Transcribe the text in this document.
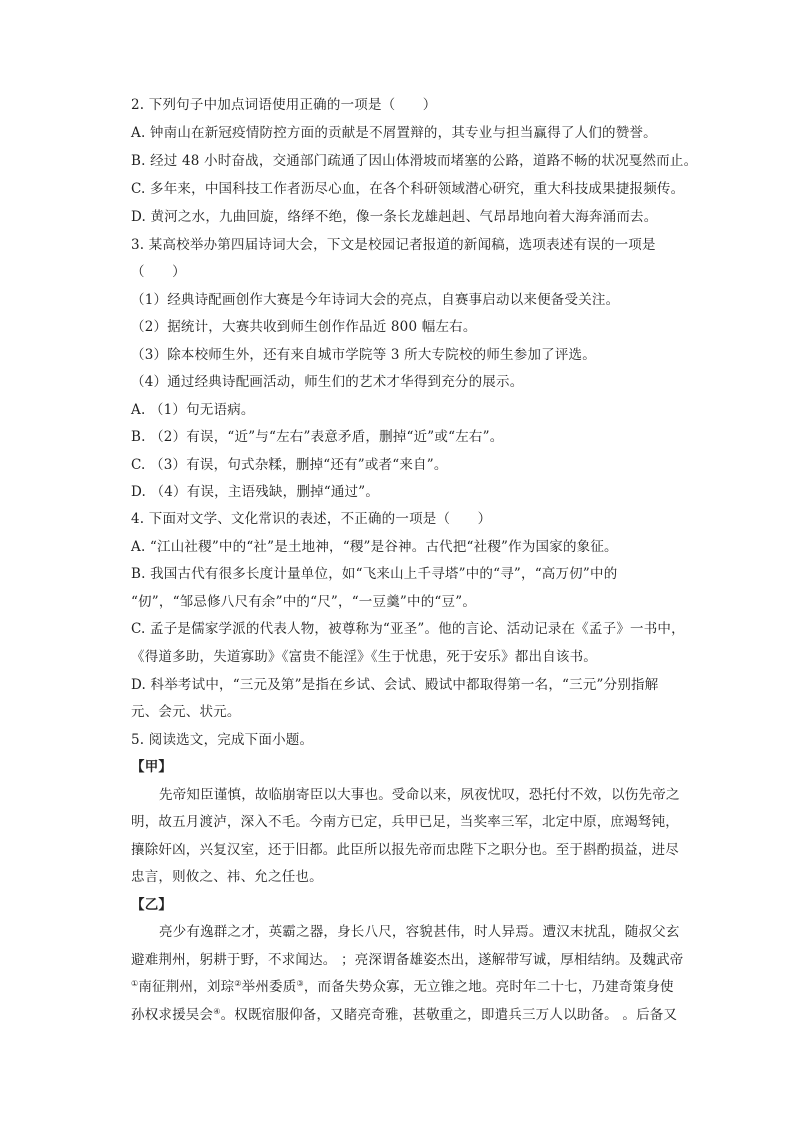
2. 下列句子中加点词语使用正确的一项是（　　）
A. 钟南山在新冠疫情防控方面的贡献是不屑置辩的，其专业与担当赢得了人们的赞誉。
B. 经过 48 小时奋战，交通部门疏通了因山体滑坡而堵塞的公路，道路不畅的状况戛然而止。
C. 多年来，中国科技工作者沥尽心血，在各个科研领域潜心研究，重大科技成果捷报频传。
D. 黄河之水，九曲回旋，络绎不绝，像一条长龙雄赳赳、气昂昂地向着大海奔涌而去。
3. 某高校举办第四届诗词大会，下文是校园记者报道的新闻稿，选项表述有误的一项是
（　　）
（1）经典诗配画创作大赛是今年诗词大会的亮点，自赛事启动以来便备受关注。
（2）据统计，大赛共收到师生创作作品近 800 幅左右。
（3）除本校师生外，还有来自城市学院等 3 所大专院校的师生参加了评选。
（4）通过经典诗配画活动，师生们的艺术才华得到充分的展示。
A. （1）句无语病。
B. （2）有误，“近”与“左右”表意矛盾，删掉“近”或“左右”。
C. （3）有误，句式杂糅，删掉“还有”或者“来自”。
D. （4）有误，主语残缺，删掉“通过”。
4. 下面对文学、文化常识的表述，不正确的一项是（　　）
A. “江山社稷”中的“社”是土地神，“稷”是谷神。古代把“社稷”作为国家的象征。
B. 我国古代有很多长度计量单位，如“飞来山上千寻塔”中的“寻”，“高万仞”中的
“仞”，“邹忌修八尺有余”中的“尺”，“一豆羹”中的“豆”。
C. 孟子是儒家学派的代表人物，被尊称为“亚圣”。他的言论、活动记录在《孟子》一书中，
《得道多助，失道寡助》《富贵不能淫》《生于忧患，死于安乐》都出自该书。
D. 科举考试中，“三元及第”是指在乡试、会试、殿试中都取得第一名，“三元”分别指解
元、会元、状元。
5. 阅读选文，完成下面小题。
【甲】
先帝知臣谨慎，故临崩寄臣以大事也。受命以来，夙夜忧叹，恐托付不效，以伤先帝之
明，故五月渡泸，深入不毛。今南方已定，兵甲已足，当奖率三军，北定中原，庶竭驽钝，
攘除奸凶，兴复汉室，还于旧都。此臣所以报先帝而忠陛下之职分也。至于斟酌损益，进尽
忠言，则攸之、祎、允之任也。
【乙】
亮少有逸群之才，英霸之器，身长八尺，容貌甚伟，时人异焉。遭汉末扰乱，随叔父玄
避难荆州，躬耕于野，不求闻达。 ；亮深谓备雄姿杰出，遂解带写诚，厚相结纳。及魏武帝
①南征荆州，刘琮②举州委质③，而备失势众寡，无立锥之地。亮时年二十七，乃建奇策身使
孙权求援吴会④。权既宿服仰备，又睹亮奇雅，甚敬重之，即遣兵三万人以助备。 。后备又
